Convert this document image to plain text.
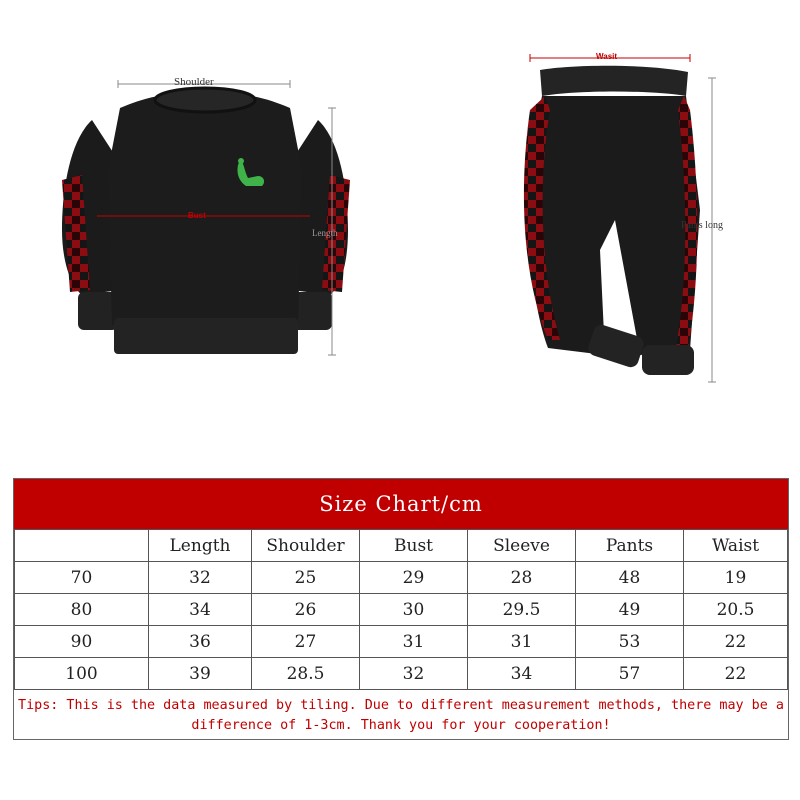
Shoulder
Bust
Length
Wasit
Pants long
Size Chart/cm
	Length	Shoulder	Bust	Sleeve	Pants	Waist
70	32	25	29	28	48	19
80	34	26	30	29.5	49	20.5
90	36	27	31	31	53	22
100	39	28.5	32	34	57	22
Tips: This is the data measured by tiling. Due to different measurement methods, there may be a difference of 1-3cm. Thank you for your cooperation!
